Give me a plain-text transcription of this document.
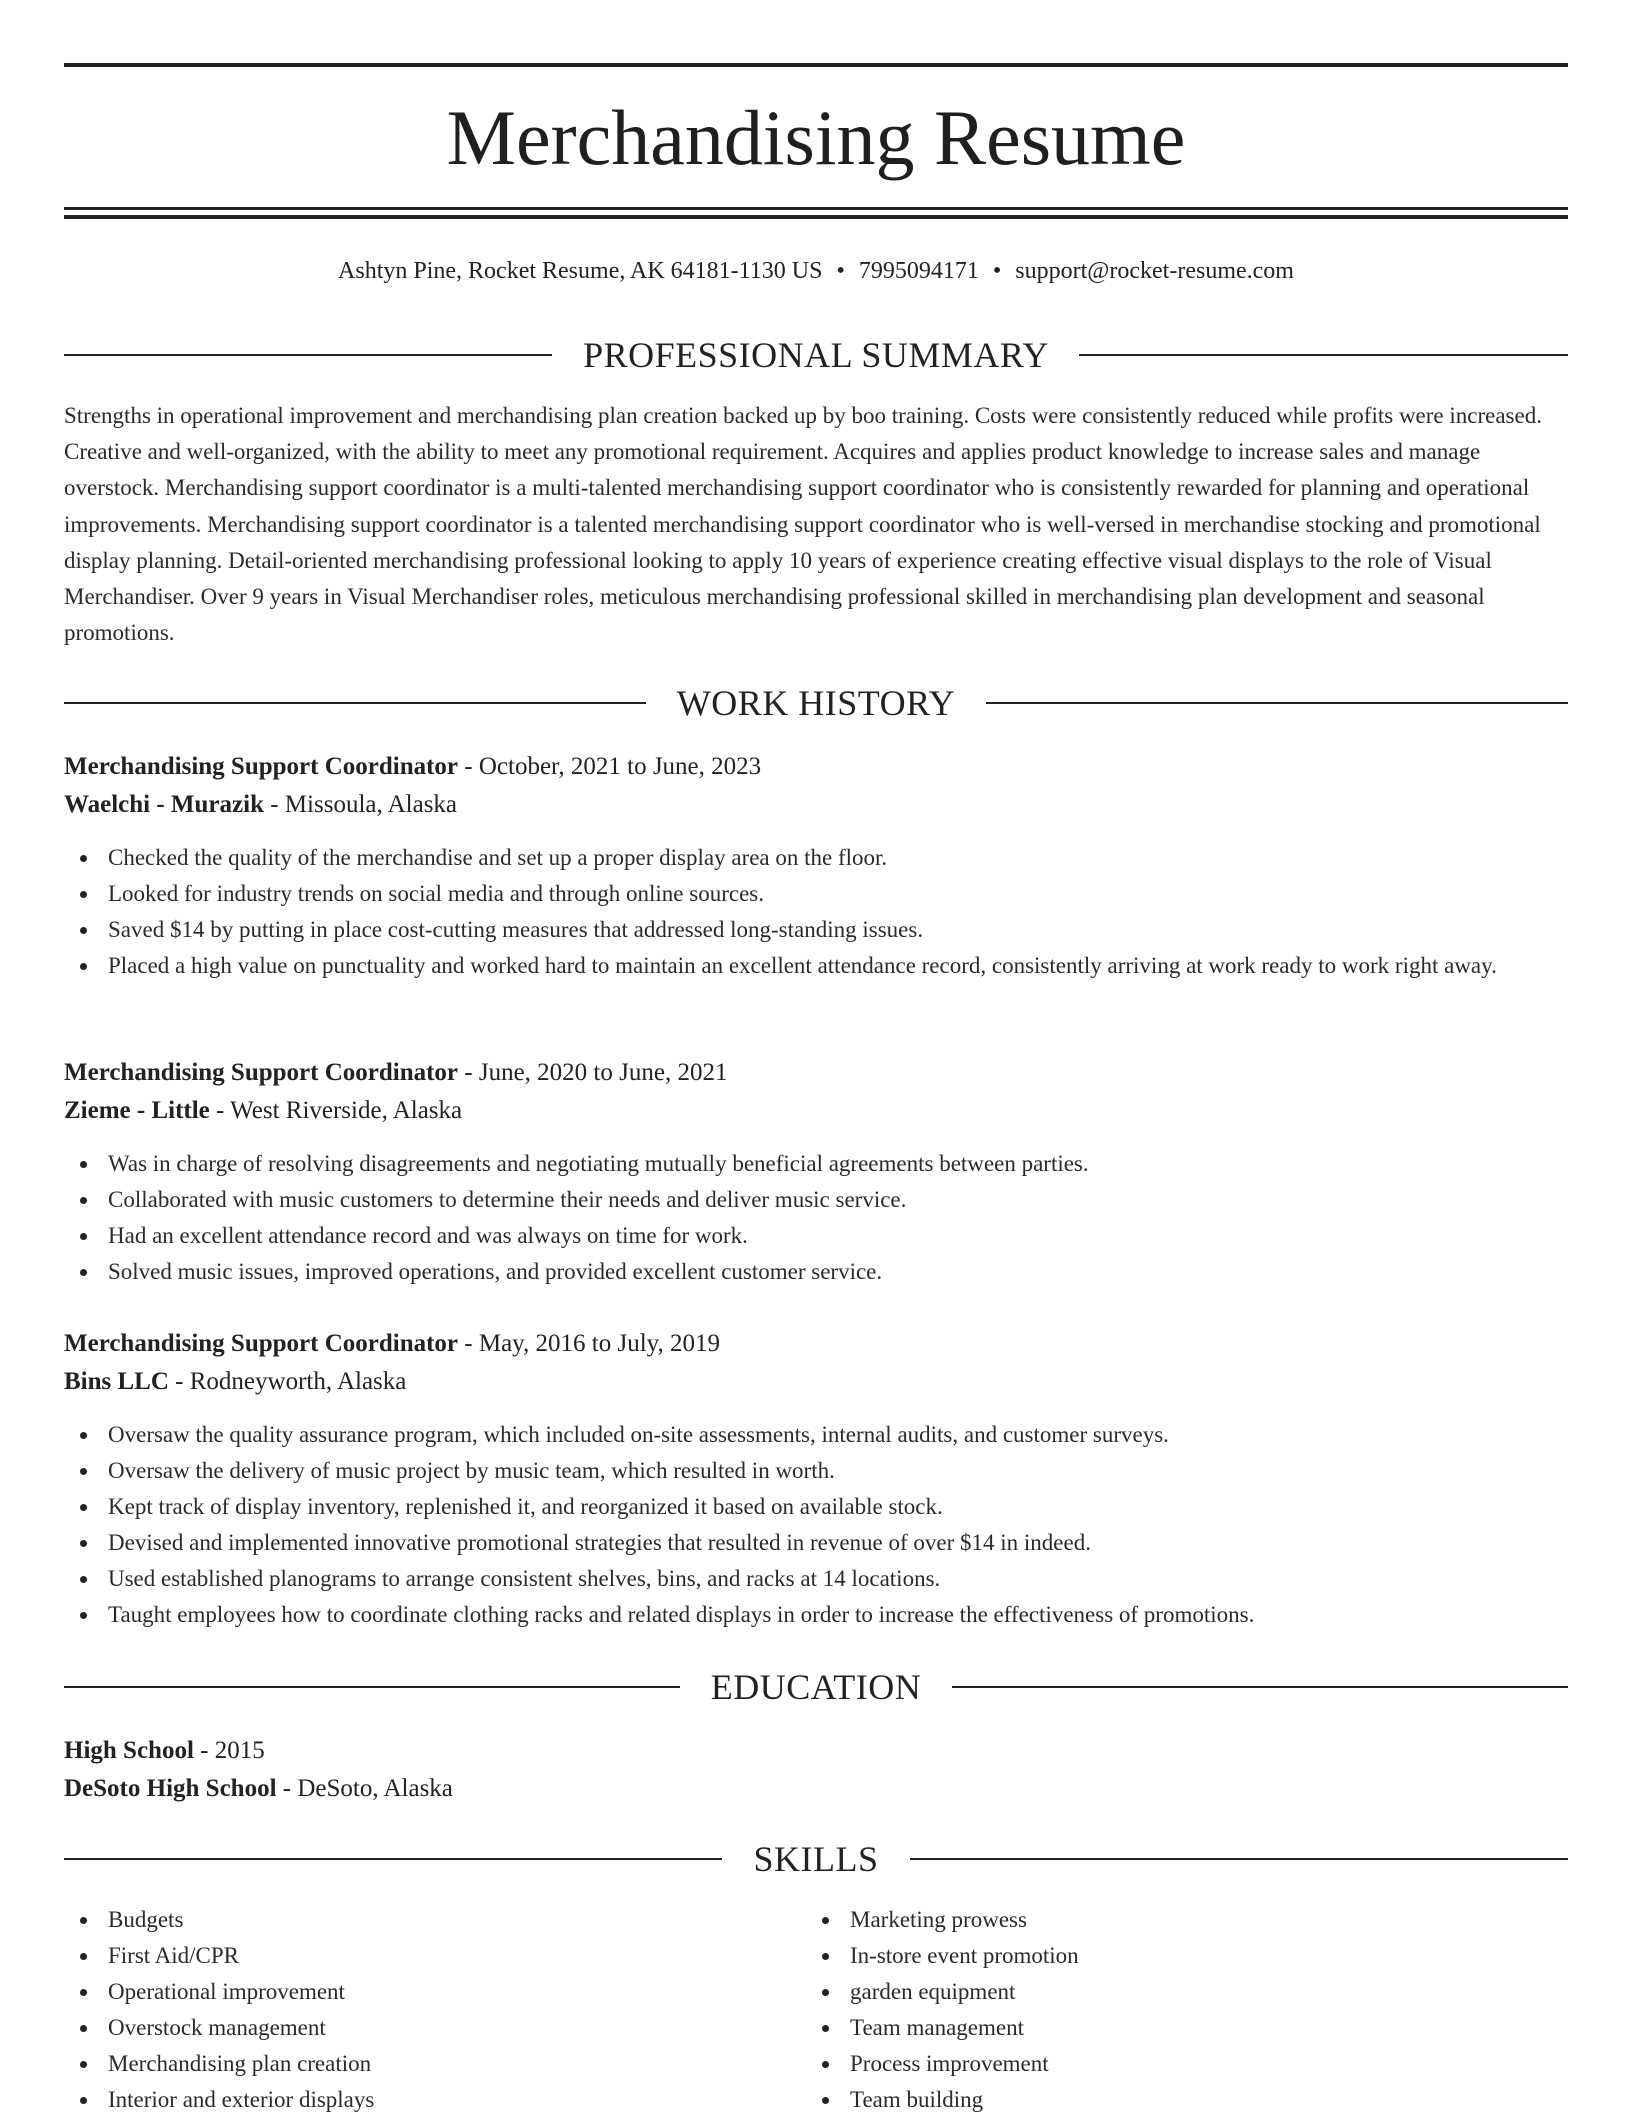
Merchandising Resume
Ashtyn Pine, Rocket Resume, AK 64181-1130 US • 7995094171 • support@rocket-resume.com
PROFESSIONAL SUMMARY
Strengths in operational improvement and merchandising plan creation backed up by boo training. Costs were consistently reduced while profits were increased. Creative and well-organized, with the ability to meet any promotional requirement. Acquires and applies product knowledge to increase sales and manage overstock. Merchandising support coordinator is a multi-talented merchandising support coordinator who is consistently rewarded for planning and operational improvements. Merchandising support coordinator is a talented merchandising support coordinator who is well-versed in merchandise stocking and promotional display planning. Detail-oriented merchandising professional looking to apply 10 years of experience creating effective visual displays to the role of Visual Merchandiser. Over 9 years in Visual Merchandiser roles, meticulous merchandising professional skilled in merchandising plan development and seasonal promotions.
WORK HISTORY
Merchandising Support Coordinator - October, 2021 to June, 2023
Waelchi - Murazik - Missoula, Alaska
Checked the quality of the merchandise and set up a proper display area on the floor.
Looked for industry trends on social media and through online sources.
Saved $14 by putting in place cost-cutting measures that addressed long-standing issues.
Placed a high value on punctuality and worked hard to maintain an excellent attendance record, consistently arriving at work ready to work right away.
Merchandising Support Coordinator - June, 2020 to June, 2021
Zieme - Little - West Riverside, Alaska
Was in charge of resolving disagreements and negotiating mutually beneficial agreements between parties.
Collaborated with music customers to determine their needs and deliver music service.
Had an excellent attendance record and was always on time for work.
Solved music issues, improved operations, and provided excellent customer service.
Merchandising Support Coordinator - May, 2016 to July, 2019
Bins LLC - Rodneyworth, Alaska
Oversaw the quality assurance program, which included on-site assessments, internal audits, and customer surveys.
Oversaw the delivery of music project by music team, which resulted in worth.
Kept track of display inventory, replenished it, and reorganized it based on available stock.
Devised and implemented innovative promotional strategies that resulted in revenue of over $14 in indeed.
Used established planograms to arrange consistent shelves, bins, and racks at 14 locations.
Taught employees how to coordinate clothing racks and related displays in order to increase the effectiveness of promotions.
EDUCATION
High School - 2015
DeSoto High School - DeSoto, Alaska
SKILLS
Budgets
First Aid/CPR
Operational improvement
Overstock management
Merchandising plan creation
Interior and exterior displays
Marketing prowess
In-store event promotion
garden equipment
Team management
Process improvement
Team building
